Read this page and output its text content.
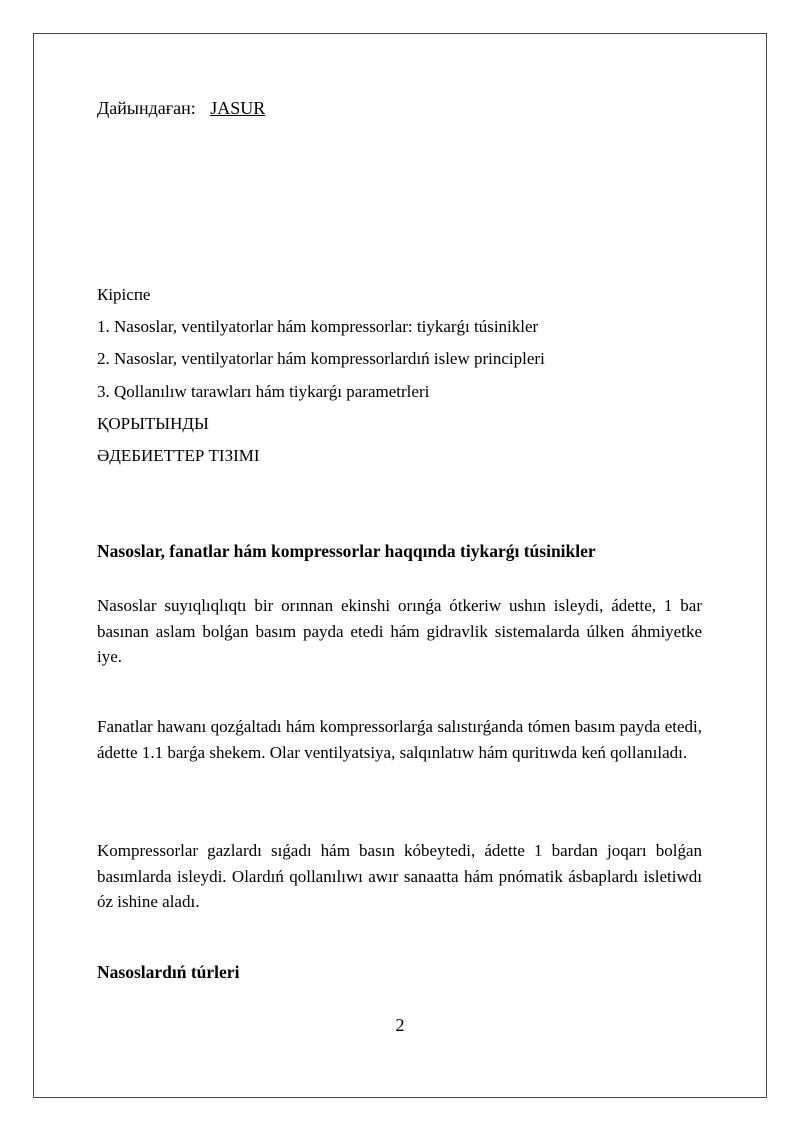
Дайындаған: JASUR
Кipicпe
1. Nasoslar, ventilyatorlar hám kompressorlar: tiykarǵı túsinikler
2. Nasoslar, ventilyatorlar hám kompressorlardıń islew principleri
3. Qollanılıw tarawları hám tiykarǵı parametrleri
ҚОРЫТЫНДЫ
ӘДЕБИЕТТЕР ТІЗІМІ
Nasoslar, fanatlar hám kompressorlar haqqında tiykarǵı túsinikler

Nasoslar suyıqlıqlıqtı bir orınnan ekinshi orınǵa ótkeriw ushın isleydi, ádette, 1 bar basınan aslam bolǵan basım payda etedi hám gidravlik sistemalarda úlken áhmiyetke iye.

Fanatlar hawanı qozǵaltadı hám kompressorlarǵa salıstırǵanda tómen basım payda etedi, ádette 1.1 barǵa shekem. Olar ventilyatsiya, salqınlatıw hám quritıwda keń qollanıladı.

Kompressorlar gazlardı sıǵadı hám basın kóbeytedi, ádette 1 bardan joqarı bolǵan basımlarda isleydi. Olardıń qollanılıwı awır sanaatta hám pnómatik ásbaplardı isletiwdı óz ishine aladı.

Nasoslardıń túrleri
2
